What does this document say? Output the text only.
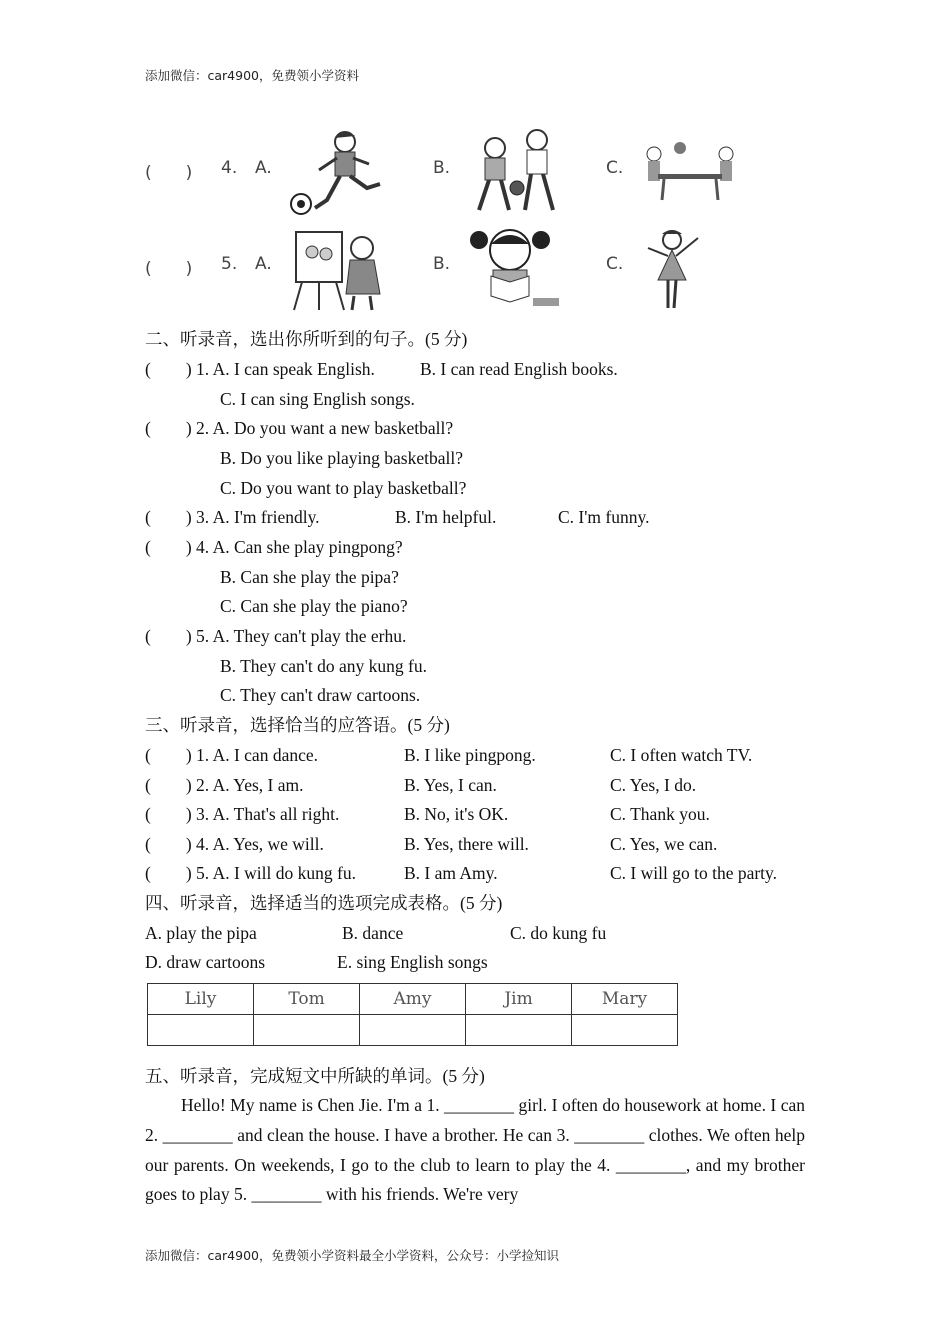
添加微信：car4900，免费领小学资料
(　　) 4. A.	B.	C.
(　　) 5. A.	B.	C.
二、听录音，选出你所听到的句子。(5 分)
(　　) 1. A. I can speak English.	B. I can read English books.
C. I can sing English songs.
(　　) 2. A. Do you want a new basketball?
B. Do you like playing basketball?
C. Do you want to play basketball?
(　　) 3. A. I'm friendly.	B. I'm helpful.	C. I'm funny.
(　　) 4. A. Can she play pingpong?
B. Can she play the pipa?
C. Can she play the piano?
(　　) 5. A. They can't play the erhu.
B. They can't do any kung fu.
C. They can't draw cartoons.
三、听录音，选择恰当的应答语。(5 分)
(　　) 1. A. I can dance.	B. I like pingpong.	C. I often watch TV.
(　　) 2. A. Yes, I am.	B. Yes, I can.	C. Yes, I do.
(　　) 3. A. That's all right.	B. No, it's OK.	C. Thank you.
(　　) 4. A. Yes, we will.	B. Yes, there will.	C. Yes, we can.
(　　) 5. A. I will do kung fu.	B. I am Amy.	C. I will go to the party.
四、听录音，选择适当的选项完成表格。(5 分)
A. play the pipa	B. dance	C. do kung fu
D. draw cartoons	E. sing English songs
Lily	Tom	Amy	Jim	Mary

五、听录音，完成短文中所缺的单词。(5 分)
Hello! My name is Chen Jie. I'm a 1. ________ girl. I often do housework at home. I can 2. ________ and clean the house. I have a brother. He can 3. ________ clothes. We often help our parents. On weekends, I go to the club to learn to play the 4. ________, and my brother goes to play 5. ________ with his friends. We're very
添加微信：car4900，免费领小学资料最全小学资料，公众号：小学捡知识
